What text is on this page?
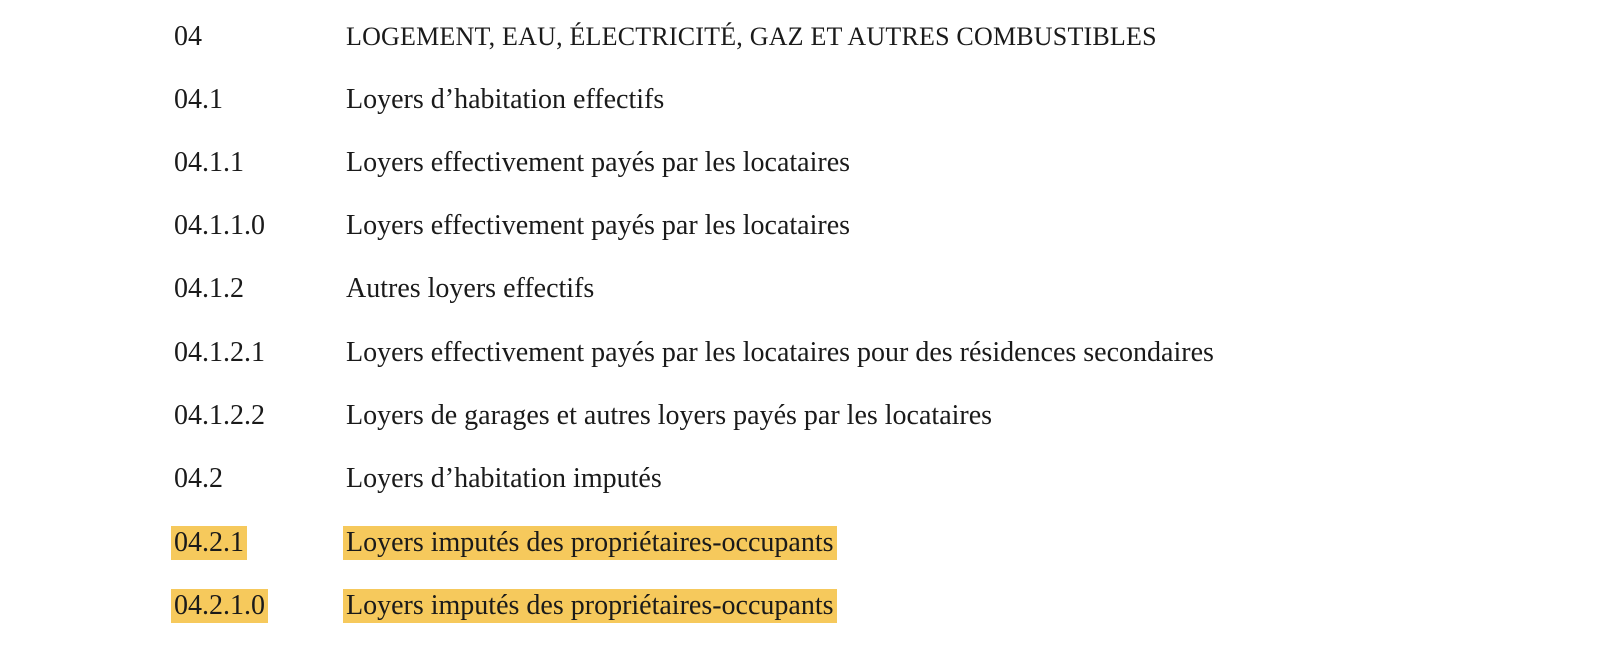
04	LOGEMENT, EAU, ÉLECTRICITÉ, GAZ ET AUTRES COMBUSTIBLES
04.1	Loyers d’habitation effectifs
04.1.1	Loyers effectivement payés par les locataires
04.1.1.0	Loyers effectivement payés par les locataires
04.1.2	Autres loyers effectifs
04.1.2.1	Loyers effectivement payés par les locataires pour des résidences secondaires
04.1.2.2	Loyers de garages et autres loyers payés par les locataires
04.2	Loyers d’habitation imputés
04.2.1	Loyers imputés des propriétaires-occupants
04.2.1.0	Loyers imputés des propriétaires-occupants
